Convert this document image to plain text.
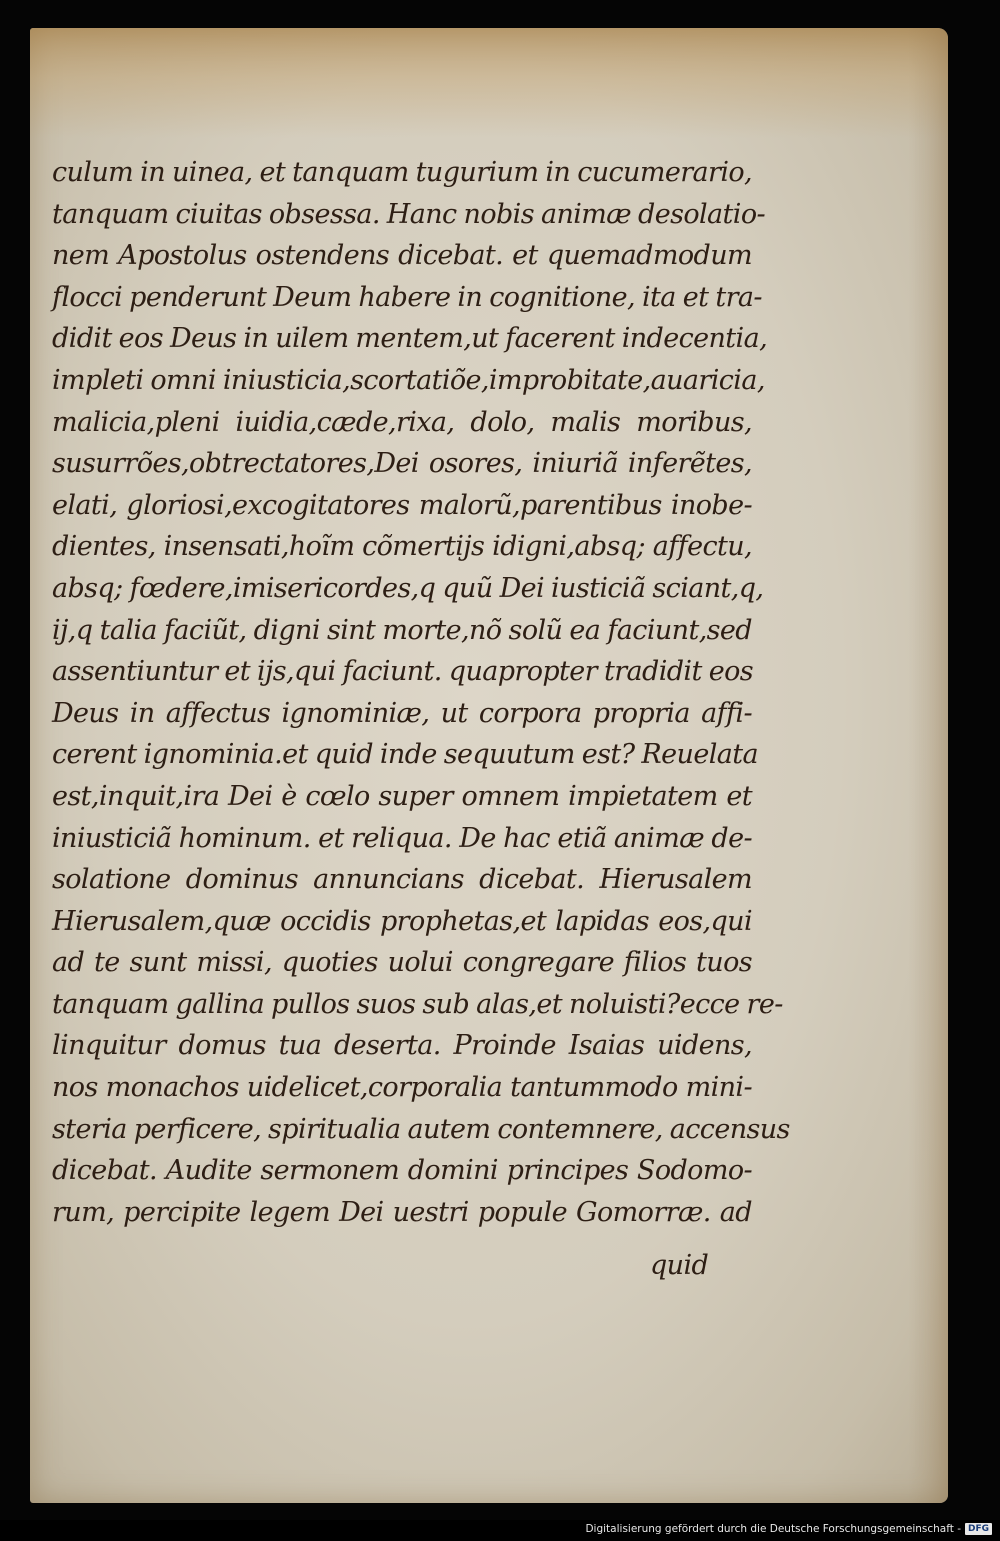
culum in uinea, et tanquam tugurium in cucumerario,
tanquam ciuitas obsessa. Hanc nobis animæ desolatio-
nem Apostolus ostendens dicebat. et quemadmodum
flocci penderunt Deum habere in cognitione, ita et tra-
didit eos Deus in uilem mentem,ut facerent indecentia,
impleti omni iniusticia,scortatiõe,improbitate,auaricia,
malicia,pleni iuidia,cæde,rixa, dolo, malis moribus,
susurrões,obtrectatores,Dei osores, iniuriã inferẽtes,
elati, gloriosi,excogitatores malorũ,parentibus inobe-
dientes, insensati,hoĩm cõmertijs idigni,absq; affectu,
absq; fœdere,imisericordes,q quũ Dei iusticiã sciant,q,
ij,q talia faciũt, digni sint morte,nõ solũ ea faciunt,sed
assentiuntur et ijs,qui faciunt. quapropter tradidit eos
Deus in affectus ignominiæ, ut corpora propria affi-
cerent ignominia.et quid inde sequutum est? Reuelata
est,inquit,ira Dei è cœlo super omnem impietatem et
iniusticiã hominum. et reliqua. De hac etiã animæ de-
solatione dominus annuncians dicebat. Hierusalem
Hierusalem,quæ occidis prophetas,et lapidas eos,qui
ad te sunt missi, quoties uolui congregare filios tuos
tanquam gallina pullos suos sub alas,et noluisti?ecce re-
linquitur domus tua deserta. Proinde Isaias uidens,
nos monachos uidelicet,corporalia tantummodo mini-
steria perficere, spiritualia autem contemnere, accensus
dicebat. Audite sermonem domini principes Sodomo-
rum, percipite legem Dei uestri popule Gomorræ. ad
quid
Digitalisierung gefördert durch die Deutsche Forschungsgemeinschaft - DFG
